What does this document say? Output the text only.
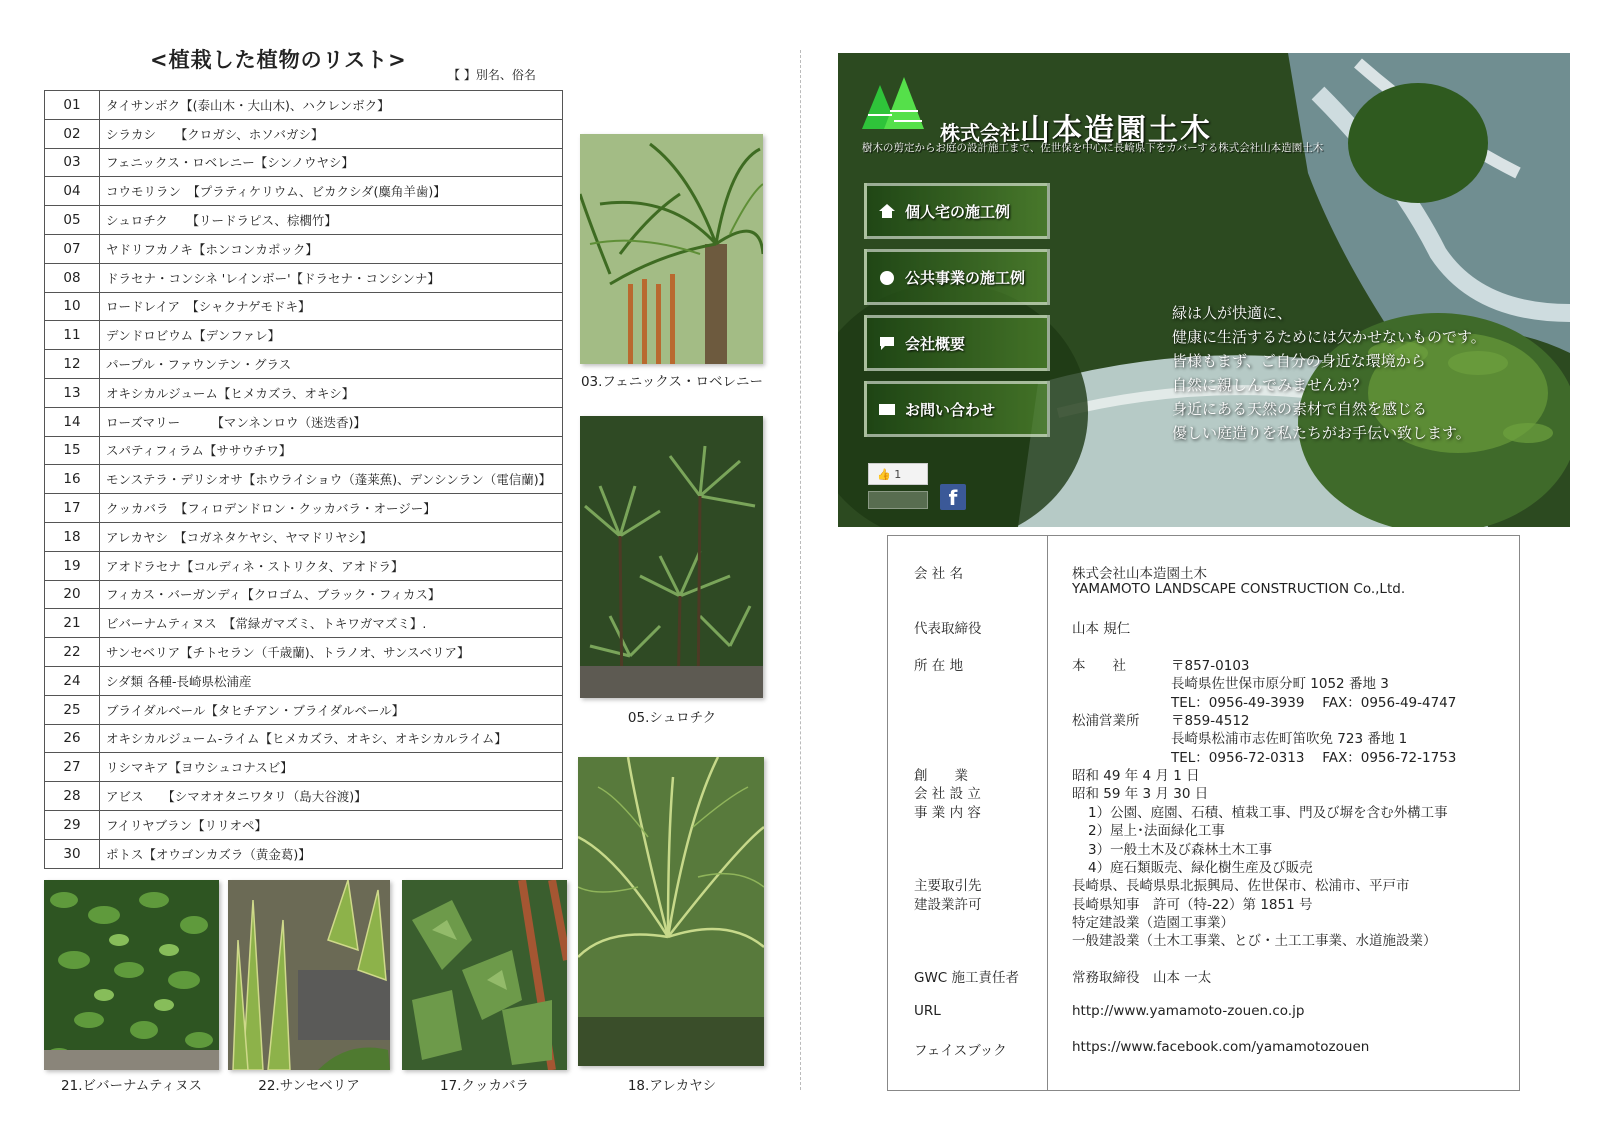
<植栽した植物のリスト>
【 】別名、俗名
01	タイサンボク【(泰山木・大山木)、ハクレンボク】
02	シラカシ　　【クロガシ、ホソバガシ】
03	フェニックス・ロベレニー【シンノウヤシ】
04	コウモリラン　【プラティケリウム、ビカクシダ(麋角羊歯)】
05	シュロチク　　【リードラピス、棕櫚竹】
07	ヤドリフカノキ【ホンコンカポック】
08	ドラセナ・コンシネ 'レインボー'【ドラセナ・コンシンナ】
10	ロードレイア　【シャクナゲモドキ】
11	デンドロビウム【デンファレ】
12	パープル・ファウンテン・グラス
13	オキシカルジューム【ヒメカズラ、オキシ】
14	ローズマリー　　　【マンネンロウ（迷迭香)】
15	スパティフィラム【ササウチワ】
16	モンステラ・デリシオサ【ホウライショウ（蓬莱蕉)、デンシンラン（電信蘭)】
17	クッカバラ　【フィロデンドロン・クッカバラ・オージー】
18	アレカヤシ　【コガネタケヤシ、ヤマドリヤシ】
19	アオドラセナ【コルディネ・ストリクタ、アオドラ】
20	フィカス・バーガンディ【クロゴム、ブラック・フィカス】
21	ビバーナムティヌス　【常緑ガマズミ、トキワガマズミ】.
22	サンセベリア【チトセラン（千歳蘭)、トラノオ、サンスベリア】
24	シダ類 各種-長崎県松浦産
25	ブライダルベール【タヒチアン・ブライダルベール】
26	オキシカルジューム-ライム【ヒメカズラ、オキシ、オキシカルライム】
27	リシマキア【ヨウシュコナスビ】
28	アビス　　【シマオオタニワタリ（島大谷渡)】
29	フイリヤブラン【リリオペ】
30	ポトス【オウゴンカズラ（黄金葛)】
03.フェニックス・ロベレニー
05.シュロチク
18.アレカヤシ
21.ビバーナムティヌス	22.サンセベリア	17.クッカバラ
株式会社山本造園土木
樹木の剪定からお庭の設計施工まで、佐世保を中心に長崎県下をカバーする株式会社山本造園土木
個人宅の施工例
公共事業の施工例
会社概要
お問い合わせ
緑は人が快適に、
健康に生活するためには欠かせないものです。
皆様もまず、ご自分の身近な環境から
自然に親しんでみませんか？
身近にある天然の素材で自然を感じる
優しい庭造りを私たちがお手伝い致します。
👍
1
f
会 社 名	株式会社山本造園土木
YAMAMOTO LANDSCAPE CONSTRUCTION Co.,Ltd.
代表取締役	山本 規仁
所 在 地	本　　社	〒857-0103
長崎県佐世保市原分町 1052 番地 3
TEL：0956-49-3939　 FAX：0956-49-4747
松浦営業所 〒859-4512
長崎県松浦市志佐町笛吹免 723 番地 1
TEL：0956-72-0313　 FAX：0956-72-1753
創　　業	昭和 49 年 4 月 1 日
会 社 設 立	昭和 59 年 3 月 30 日
事 業 内 容	1）公園、庭園、石積、植栽工事、門及び塀を含む外構工事
2）屋上･法面緑化工事
3）一般土木及び森林土木工事
4）庭石類販売、緑化樹生産及び販売
主要取引先	長崎県、長崎県県北振興局、佐世保市、松浦市、平戸市
建設業許可	長崎県知事　許可（特-22）第 1851 号
特定建設業（造園工事業）
一般建設業（土木工事業、とび・土工工事業、水道施設業）
GWC 施工責任者	常務取締役　山本 一太
URL	http://www.yamamoto-zouen.co.jp
フェイスブック	https://www.facebook.com/yamamotozouen
